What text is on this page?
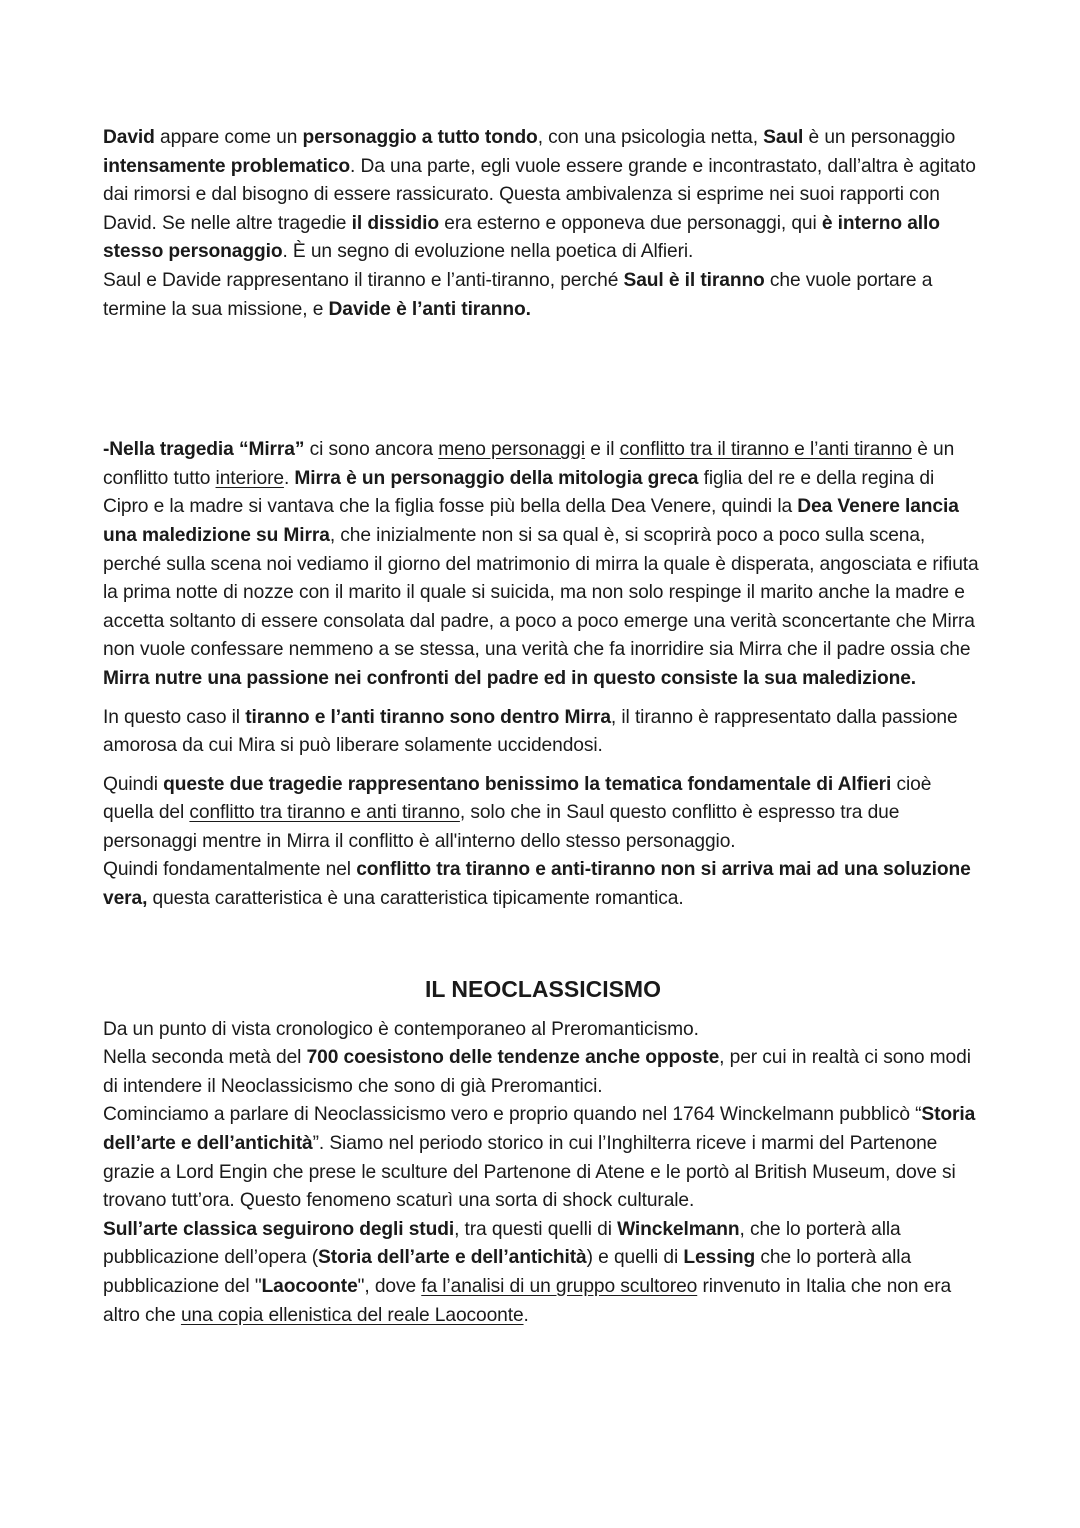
David appare come un personaggio a tutto tondo, con una psicologia netta, Saul è un personaggio intensamente problematico. Da una parte, egli vuole essere grande e incontrastato, dall’altra è agitato dai rimorsi e dal bisogno di essere rassicurato. Questa ambivalenza si esprime nei suoi rapporti con David. Se nelle altre tragedie il dissidio era esterno e opponeva due personaggi, qui è interno allo stesso personaggio. È un segno di evoluzione nella poetica di Alfieri.

Saul e Davide rappresentano il tiranno e l’anti-tiranno, perché Saul è il tiranno che vuole portare a termine la sua missione, e Davide è l’anti tiranno.

-Nella tragedia “Mirra” ci sono ancora meno personaggi e il conflitto tra il tiranno e l’anti tiranno è un conflitto tutto interiore. Mirra è un personaggio della mitologia greca figlia del re e della regina di Cipro e la madre si vantava che la figlia fosse più bella della Dea Venere, quindi la Dea Venere lancia una maledizione su Mirra, che inizialmente non si sa qual è, si scoprirà poco a poco sulla scena, perché sulla scena noi vediamo il giorno del matrimonio di mirra la quale è disperata, angosciata e rifiuta la prima notte di nozze con il marito il quale si suicida, ma non solo respinge il marito anche la madre e accetta soltanto di essere consolata dal padre, a poco a poco emerge una verità sconcertante che Mirra non vuole confessare nemmeno a se stessa, una verità che fa inorridire sia Mirra che il padre ossia che Mirra nutre una passione nei confronti del padre ed in questo consiste la sua maledizione.

In questo caso il tiranno e l’anti tiranno sono dentro Mirra, il tiranno è rappresentato dalla passione amorosa da cui Mira si può liberare solamente uccidendosi.

Quindi queste due tragedie rappresentano benissimo la tematica fondamentale di Alfieri cioè quella del conflitto tra tiranno e anti tiranno, solo che in Saul questo conflitto è espresso tra due personaggi mentre in Mirra il conflitto è all'interno dello stesso personaggio.

Quindi fondamentalmente nel conflitto tra tiranno e anti-tiranno non si arriva mai ad una soluzione vera, questa caratteristica è una caratteristica tipicamente romantica.

IL NEOCLASSICISMO

Da un punto di vista cronologico è contemporaneo al Preromanticismo.

Nella seconda metà del 700 coesistono delle tendenze anche opposte, per cui in realtà ci sono modi di intendere il Neoclassicismo che sono di già Preromantici.

Cominciamo a parlare di Neoclassicismo vero e proprio quando nel 1764 Winckelmann pubblicò “Storia dell’arte e dell’antichità”. Siamo nel periodo storico in cui l’Inghilterra riceve i marmi del Partenone grazie a Lord Engin che prese le sculture del Partenone di Atene e le portò al British Museum, dove si trovano tutt’ora. Questo fenomeno scaturì una sorta di shock culturale.

Sull’arte classica seguirono degli studi, tra questi quelli di Winckelmann, che lo porterà alla pubblicazione dell’opera (Storia dell’arte e dell’antichità) e quelli di Lessing che lo porterà alla pubblicazione del "Laocoonte", dove fa l’analisi di un gruppo scultoreo rinvenuto in Italia che non era altro che una copia ellenistica del reale Laocoonte.
